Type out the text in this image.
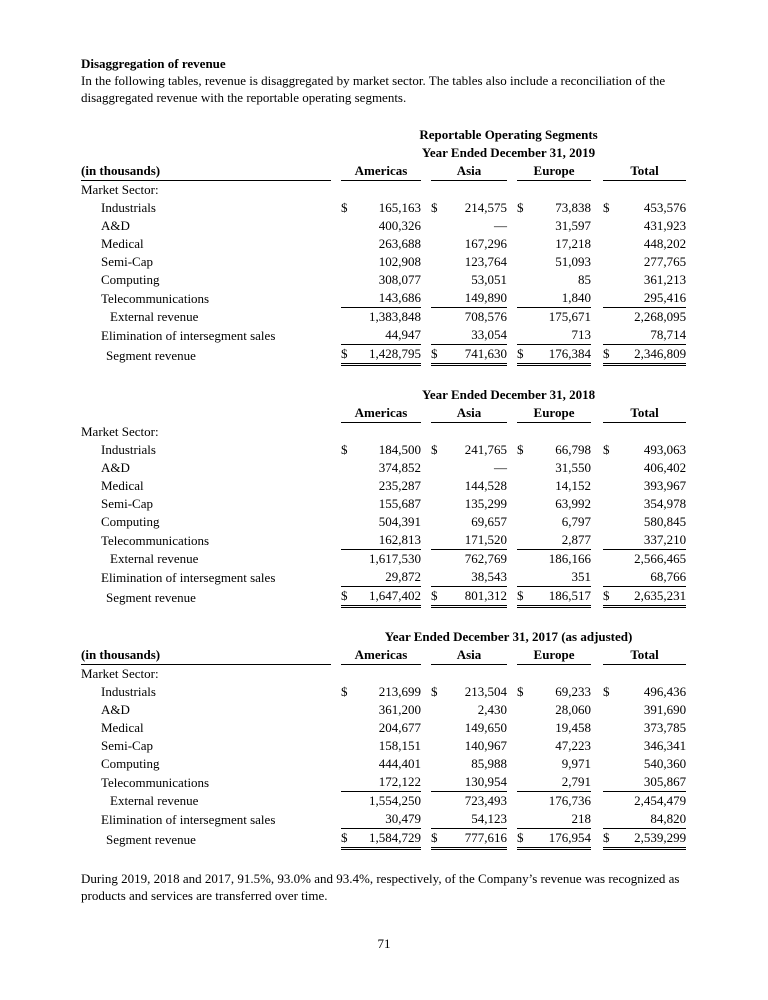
Disaggregation of revenue

In the following tables, revenue is disaggregated by market sector. The tables also include a reconciliation of the disaggregated revenue with the reportable operating segments.

	Reportable Operating Segments											
	Year Ended December 31, 2019											
(in thousands)		Americas			Asia			Europe			Total	
Market Sector:												
Industrials		$	165,163		$	214,575		$	73,838		$	453,576
A&D			400,326			—			31,597			431,923
Medical			263,688			167,296			17,218			448,202
Semi-Cap			102,908			123,764			51,093			277,765
Computing			308,077			53,051			85			361,213
Telecommunications			143,686			149,890			1,840			295,416
External revenue			1,383,848			708,576			175,671			2,268,095
Elimination of intersegment sales			44,947			33,054			713			78,714
Segment revenue		$	1,428,795		$	741,630		$	176,384		$	2,346,809
	Year Ended December 31, 2018											
		Americas			Asia			Europe			Total	
Market Sector:												
Industrials		$	184,500		$	241,765		$	66,798		$	493,063
A&D			374,852			—			31,550			406,402
Medical			235,287			144,528			14,152			393,967
Semi-Cap			155,687			135,299			63,992			354,978
Computing			504,391			69,657			6,797			580,845
Telecommunications			162,813			171,520			2,877			337,210
External revenue			1,617,530			762,769			186,166			2,566,465
Elimination of intersegment sales			29,872			38,543			351			68,766
Segment revenue		$	1,647,402		$	801,312		$	186,517		$	2,635,231
	Year Ended December 31, 2017 (as adjusted)											
(in thousands)		Americas			Asia			Europe			Total	
Market Sector:												
Industrials		$	213,699		$	213,504		$	69,233		$	496,436
A&D			361,200			2,430			28,060			391,690
Medical			204,677			149,650			19,458			373,785
Semi-Cap			158,151			140,967			47,223			346,341
Computing			444,401			85,988			9,971			540,360
Telecommunications			172,122			130,954			2,791			305,867
External revenue			1,554,250			723,493			176,736			2,454,479
Elimination of intersegment sales			30,479			54,123			218			84,820
Segment revenue		$	1,584,729		$	777,616		$	176,954		$	2,539,299

During 2019, 2018 and 2017, 91.5%, 93.0% and 93.4%, respectively, of the Company’s revenue was recognized as products and services are transferred over time.

71
